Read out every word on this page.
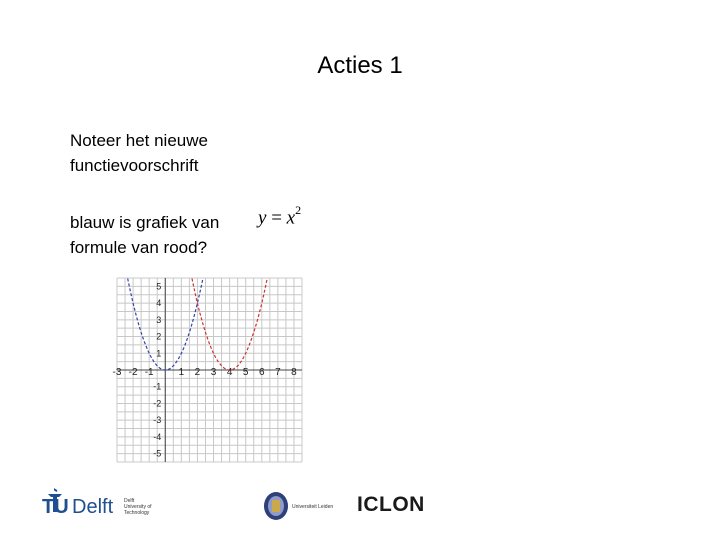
Acties 1
Noteer het nieuwe
functievoorschrift
blauw is grafiek van
formule van rood?
$y = x^2$
-3 -2 -1 1 2 3 4 5 6 7 8
5
4
3
2
1
-1
-2
-3
-4
-5
TU Delft Delft
University of
Technology
Universiteit Leiden ICLON
